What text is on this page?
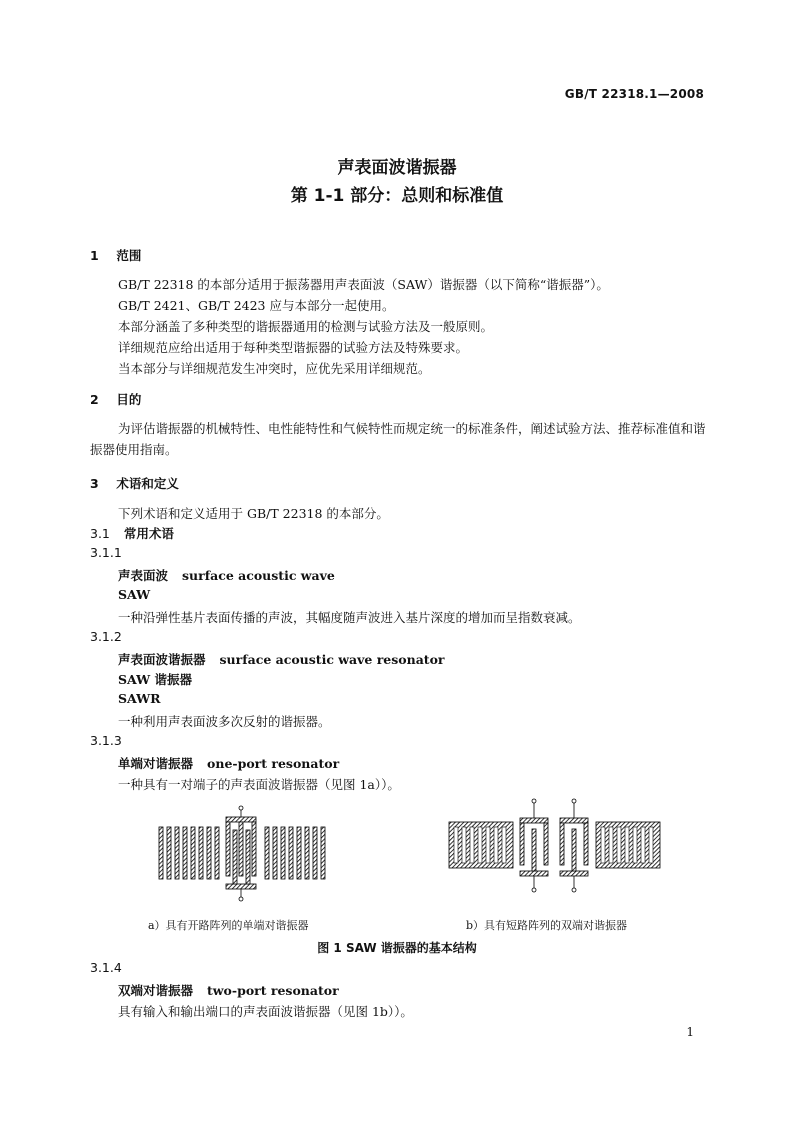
GB/T 22318.1—2008
声表面波谐振器
第 1-1 部分：总则和标准值
1 范围
GB/T 22318 的本部分适用于振荡器用声表面波（SAW）谐振器（以下简称“谐振器”）。
GB/T 2421、GB/T 2423 应与本部分一起使用。
本部分涵盖了多种类型的谐振器通用的检测与试验方法及一般原则。
详细规范应给出适用于每种类型谐振器的试验方法及特殊要求。
当本部分与详细规范发生冲突时，应优先采用详细规范。
2 目的
为评估谐振器的机械特性、电性能特性和气候特性而规定统一的标准条件，阐述试验方法、推荐标准值和谐振器使用指南。
3 术语和定义
下列术语和定义适用于 GB/T 22318 的本部分。
3.1 常用术语
3.1.1
声表面波 surface acoustic wave
SAW
一种沿弹性基片表面传播的声波，其幅度随声波进入基片深度的增加而呈指数衰减。
3.1.2
声表面波谐振器 surface acoustic wave resonator
SAW 谐振器
SAWR
一种利用声表面波多次反射的谐振器。
3.1.3
单端对谐振器 one-port resonator
一种具有一对端子的声表面波谐振器（见图 1a））。
a）具有开路阵列的单端对谐振器	b）具有短路阵列的双端对谐振器
图 1 SAW 谐振器的基本结构
3.1.4
双端对谐振器 two-port resonator
具有输入和输出端口的声表面波谐振器（见图 1b））。
1
